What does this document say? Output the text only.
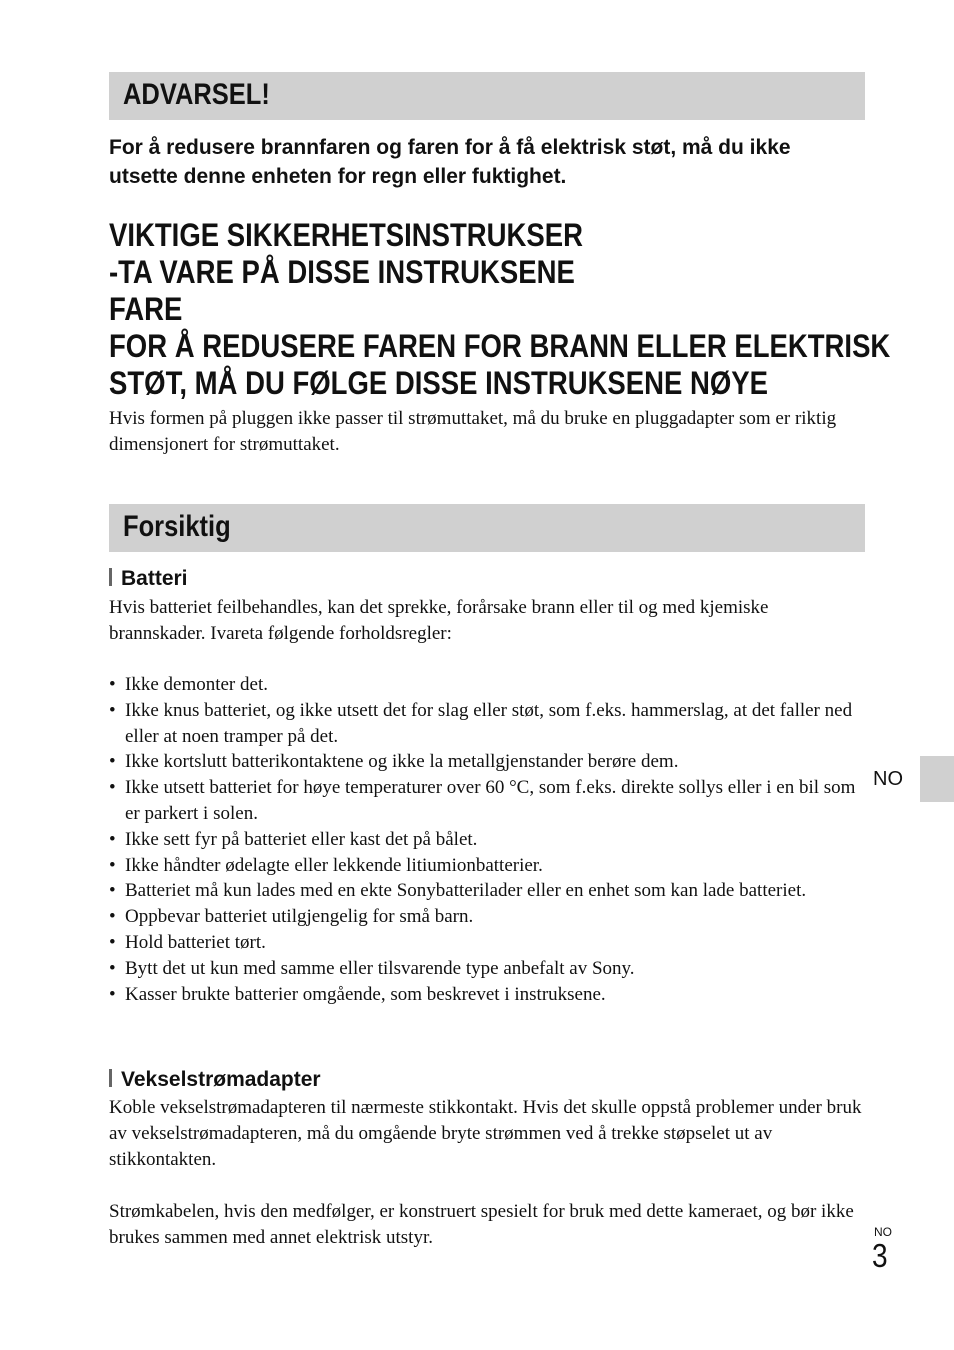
ADVARSEL!
For å redusere brannfaren og faren for å få elektrisk støt, må du ikke utsette denne enheten for regn eller fuktighet.
VIKTIGE SIKKERHETSINSTRUKSER
-TA VARE PÅ DISSE INSTRUKSENE
FARE
FOR Å REDUSERE FAREN FOR BRANN ELLER ELEKTRISK
STØT, MÅ DU FØLGE DISSE INSTRUKSENE NØYE
Hvis formen på pluggen ikke passer til strømuttaket, må du bruke en pluggadapter som er riktig dimensjonert for strømuttaket.
Forsiktig
Batteri
Hvis batteriet feilbehandles, kan det sprekke, forårsake brann eller til og med kjemiske brannskader. Ivareta følgende forholdsregler:
• Ikke demonter det.
• Ikke knus batteriet, og ikke utsett det for slag eller støt, som f.eks. hammerslag, at det faller ned eller at noen tramper på det.
• Ikke kortslutt batterikontaktene og ikke la metallgjenstander berøre dem.
• Ikke utsett batteriet for høye temperaturer over 60 °C, som f.eks. direkte sollys eller i en bil som er parkert i solen.
• Ikke sett fyr på batteriet eller kast det på bålet.
• Ikke håndter ødelagte eller lekkende litiumionbatterier.
• Batteriet må kun lades med en ekte Sonybatterilader eller en enhet som kan lade batteriet.
• Oppbevar batteriet utilgjengelig for små barn.
• Hold batteriet tørt.
• Bytt det ut kun med samme eller tilsvarende type anbefalt av Sony.
• Kasser brukte batterier omgående, som beskrevet i instruksene.
Vekselstrømadapter
Koble vekselstrømadapteren til nærmeste stikkontakt. Hvis det skulle oppstå problemer under bruk av vekselstrømadapteren, må du omgående bryte strømmen ved å trekke støpselet ut av stikkontakten.
Strømkabelen, hvis den medfølger, er konstruert spesielt for bruk med dette kameraet, og bør ikke brukes sammen med annet elektrisk utstyr.
NO
NO
3
